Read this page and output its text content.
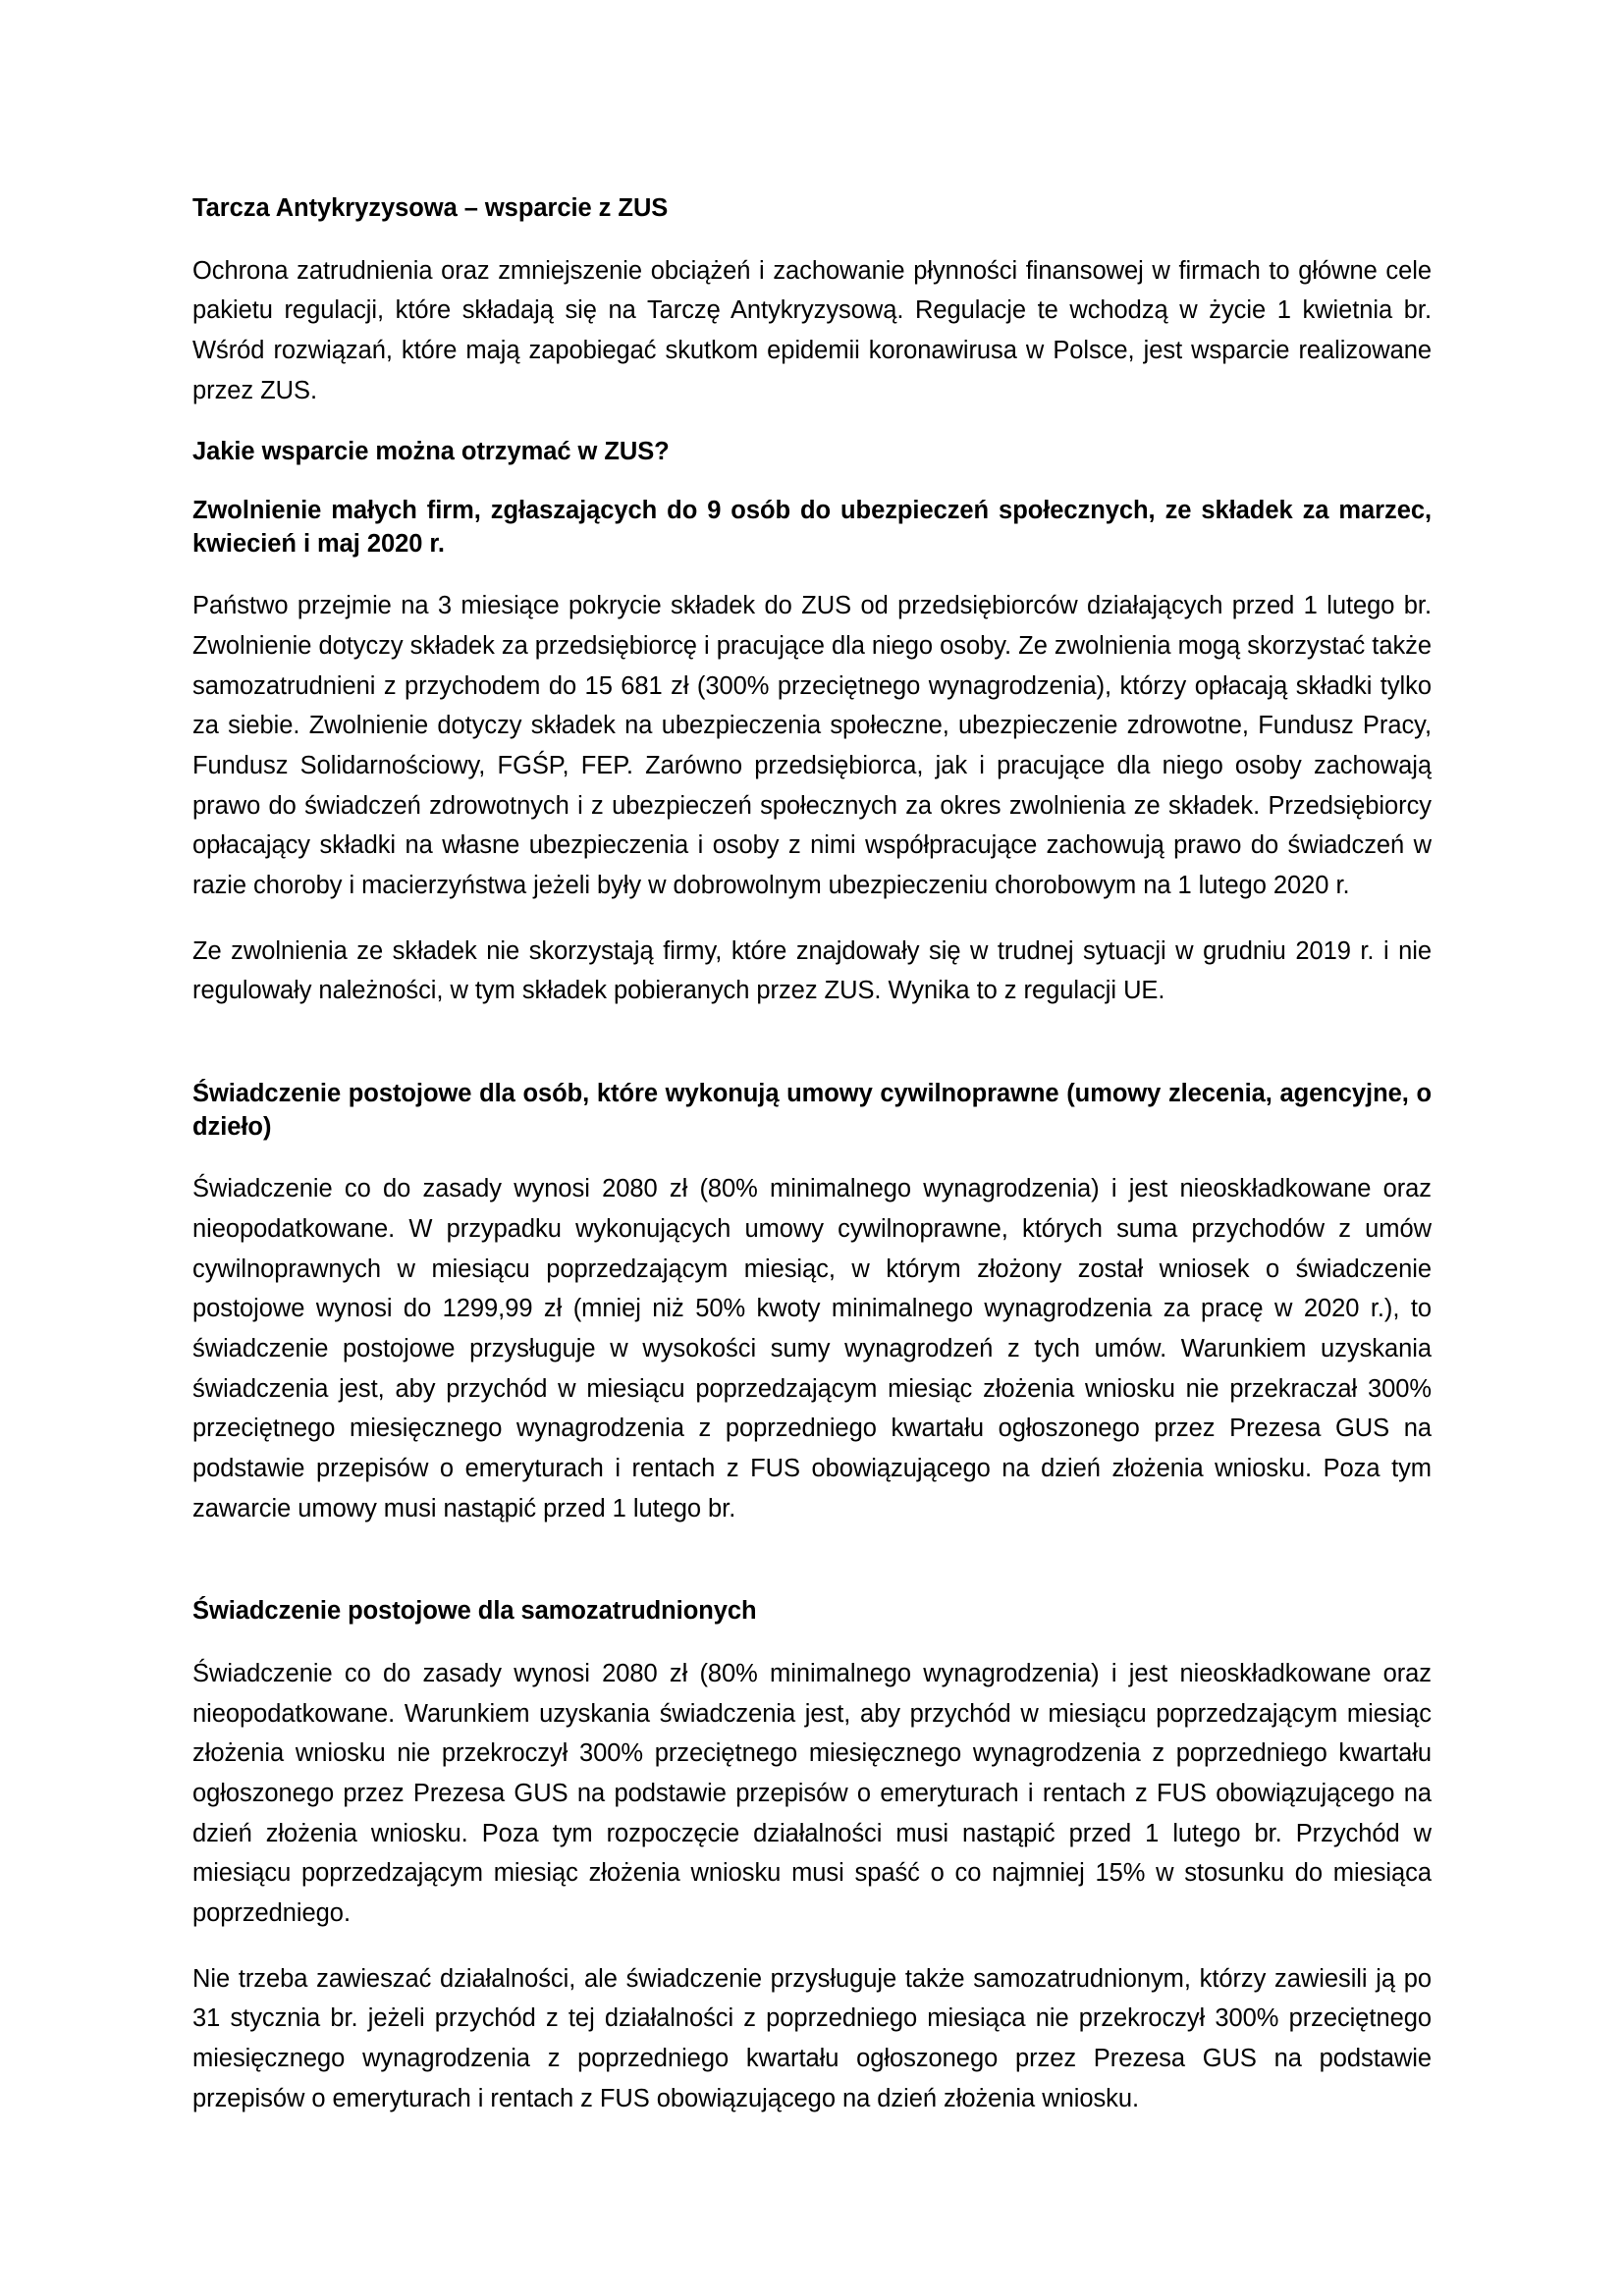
Tarcza Antykryzysowa – wsparcie z ZUS

Ochrona zatrudnienia oraz zmniejszenie obciążeń i zachowanie płynności finansowej w firmach to główne cele pakietu regulacji, które składają się na Tarczę Antykryzysową. Regulacje te wchodzą w życie 1 kwietnia br. Wśród rozwiązań, które mają zapobiegać skutkom epidemii koronawirusa w Polsce, jest wsparcie realizowane przez ZUS.

Jakie wsparcie można otrzymać w ZUS?
Zwolnienie małych firm, zgłaszających do 9 osób do ubezpieczeń społecznych, ze składek za marzec, kwiecień i maj 2020 r.

Państwo przejmie na 3 miesiące pokrycie składek do ZUS od przedsiębiorców działających przed 1 lutego br. Zwolnienie dotyczy składek za przedsiębiorcę i pracujące dla niego osoby. Ze zwolnienia mogą skorzystać także samozatrudnieni z przychodem do 15 681 zł (300% przeciętnego wynagrodzenia), którzy opłacają składki tylko za siebie. Zwolnienie dotyczy składek na ubezpieczenia społeczne, ubezpieczenie zdrowotne, Fundusz Pracy, Fundusz Solidarnościowy, FGŚP, FEP. Zarówno przedsiębiorca, jak i pracujące dla niego osoby zachowają prawo do świadczeń zdrowotnych i z ubezpieczeń społecznych za okres zwolnienia ze składek. Przedsiębiorcy opłacający składki na własne ubezpieczenia i osoby z nimi współpracujące zachowują prawo do świadczeń w razie choroby i macierzyństwa jeżeli były w dobrowolnym ubezpieczeniu chorobowym na 1 lutego 2020 r.

Ze zwolnienia ze składek nie skorzystają firmy, które znajdowały się w trudnej sytuacji w grudniu 2019 r. i nie regulowały należności, w tym składek pobieranych przez ZUS. Wynika to z regulacji UE.

Świadczenie postojowe dla osób, które wykonują umowy cywilnoprawne (umowy zlecenia, agencyjne, o dzieło)

Świadczenie co do zasady wynosi 2080 zł (80% minimalnego wynagrodzenia) i jest nieoskładkowane oraz nieopodatkowane. W przypadku wykonujących umowy cywilnoprawne, których suma przychodów z umów cywilnoprawnych w miesiącu poprzedzającym miesiąc, w którym złożony został wniosek o świadczenie postojowe wynosi do 1299,99 zł (mniej niż 50% kwoty minimalnego wynagrodzenia za pracę w 2020 r.), to świadczenie postojowe przysługuje w wysokości sumy wynagrodzeń z tych umów. Warunkiem uzyskania świadczenia jest, aby przychód w miesiącu poprzedzającym miesiąc złożenia wniosku nie przekraczał 300% przeciętnego miesięcznego wynagrodzenia z poprzedniego kwartału ogłoszonego przez Prezesa GUS na podstawie przepisów o emeryturach i rentach z FUS obowiązującego na dzień złożenia wniosku. Poza tym zawarcie umowy musi nastąpić przed 1 lutego br.

Świadczenie postojowe dla samozatrudnionych

Świadczenie co do zasady wynosi 2080 zł (80% minimalnego wynagrodzenia) i jest nieoskładkowane oraz nieopodatkowane. Warunkiem uzyskania świadczenia jest, aby przychód w miesiącu poprzedzającym miesiąc złożenia wniosku nie przekroczył 300% przeciętnego miesięcznego wynagrodzenia z poprzedniego kwartału ogłoszonego przez Prezesa GUS na podstawie przepisów o emeryturach i rentach z FUS obowiązującego na dzień złożenia wniosku. Poza tym rozpoczęcie działalności musi nastąpić przed 1 lutego br. Przychód w miesiącu poprzedzającym miesiąc złożenia wniosku musi spaść o co najmniej 15% w stosunku do miesiąca poprzedniego.

Nie trzeba zawieszać działalności, ale świadczenie przysługuje także samozatrudnionym, którzy zawiesili ją po 31 stycznia br. jeżeli przychód z tej działalności z poprzedniego miesiąca nie przekroczył 300% przeciętnego miesięcznego wynagrodzenia z poprzedniego kwartału ogłoszonego przez Prezesa GUS na podstawie przepisów o emeryturach i rentach z FUS obowiązującego na dzień złożenia wniosku.
